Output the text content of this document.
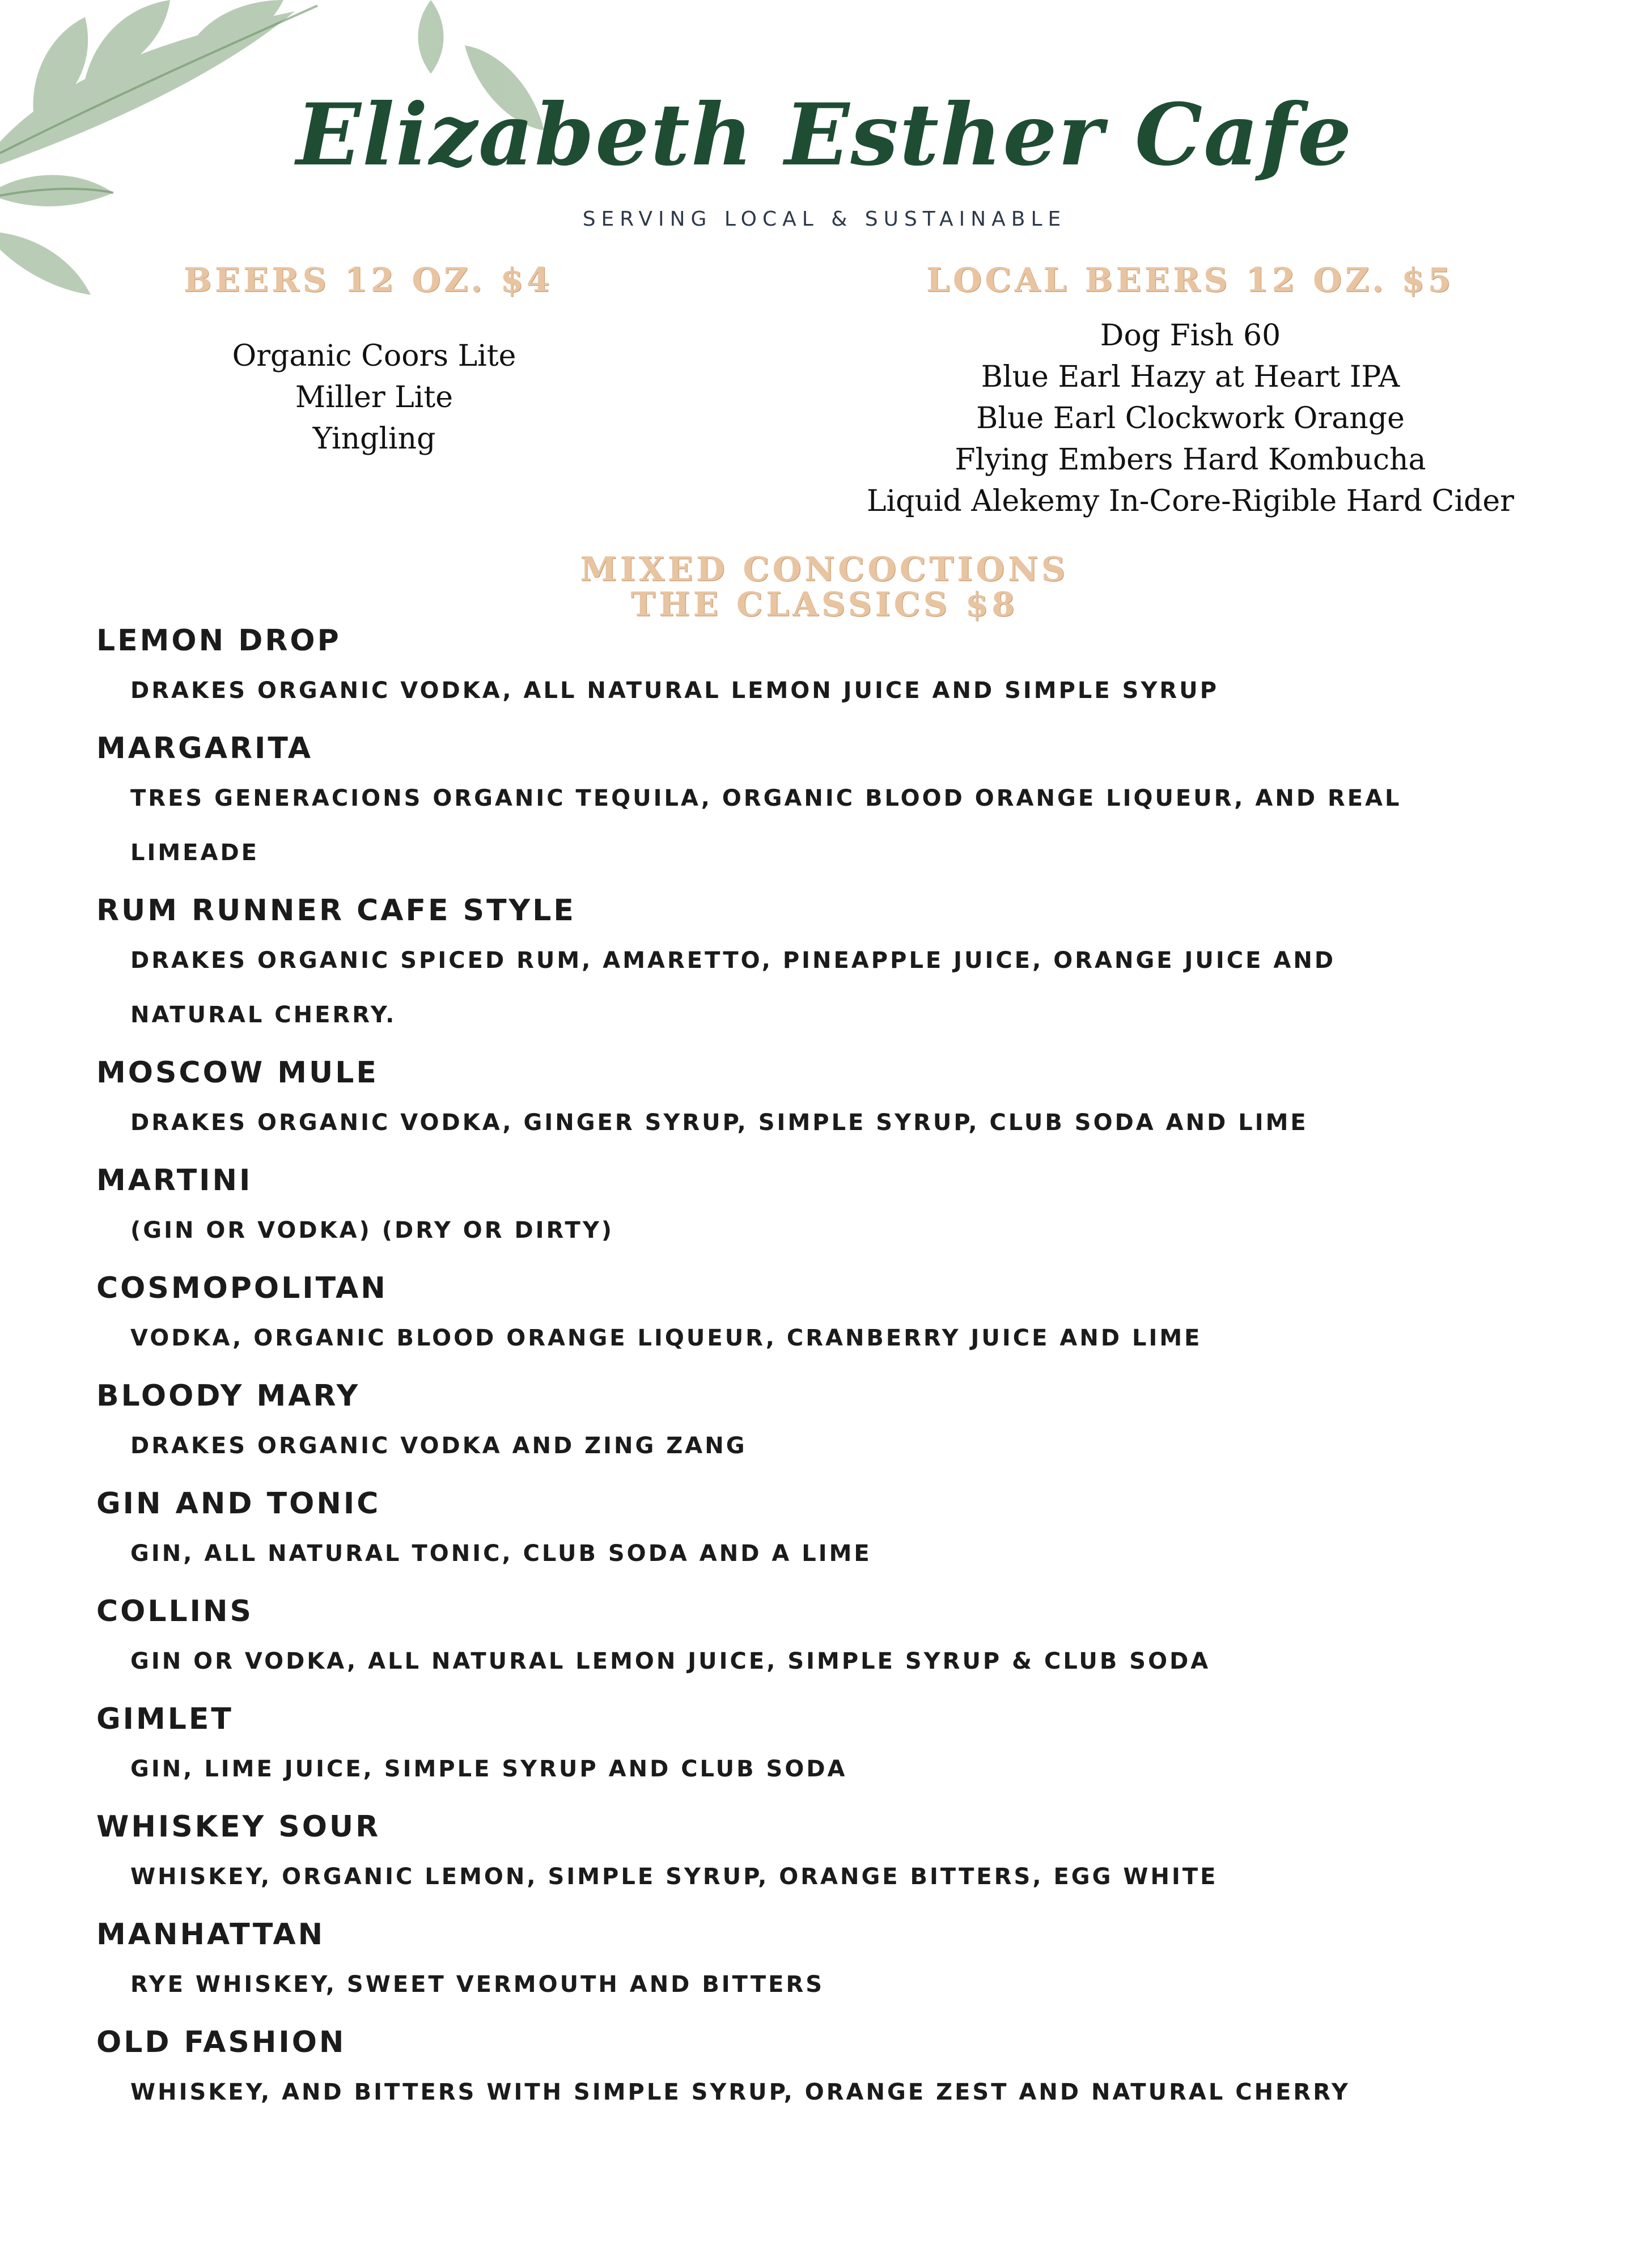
Elizabeth Esther Cafe
SERVING LOCAL & SUSTAINABLE
BEERS 12 OZ. $4
Organic Coors Lite
Miller Lite
Yingling
LOCAL BEERS 12 OZ. $5
Dog Fish 60
Blue Earl Hazy at Heart IPA
Blue Earl Clockwork Orange
Flying Embers Hard Kombucha
Liquid Alekemy In-Core-Rigible Hard Cider
MIXED CONCOCTIONS
THE CLASSICS $8

LEMON DROP

DRAKES ORGANIC VODKA, ALL NATURAL LEMON JUICE AND SIMPLE SYRUP

MARGARITA

TRES GENERACIONS ORGANIC TEQUILA, ORGANIC BLOOD ORANGE LIQUEUR, AND REAL LIMEADE

RUM RUNNER CAFE STYLE

DRAKES ORGANIC SPICED RUM, AMARETTO, PINEAPPLE JUICE, ORANGE JUICE AND NATURAL CHERRY.

MOSCOW MULE

DRAKES ORGANIC VODKA, GINGER SYRUP, SIMPLE SYRUP, CLUB SODA AND LIME

MARTINI

(GIN OR VODKA) (DRY OR DIRTY)

COSMOPOLITAN

VODKA, ORGANIC BLOOD ORANGE LIQUEUR, CRANBERRY JUICE AND LIME

BLOODY MARY

DRAKES ORGANIC VODKA AND ZING ZANG

GIN AND TONIC

GIN, ALL NATURAL TONIC, CLUB SODA AND A LIME

COLLINS

GIN OR VODKA, ALL NATURAL LEMON JUICE, SIMPLE SYRUP & CLUB SODA

GIMLET

GIN, LIME JUICE, SIMPLE SYRUP AND CLUB SODA

WHISKEY SOUR

WHISKEY, ORGANIC LEMON, SIMPLE SYRUP, ORANGE BITTERS, EGG WHITE

MANHATTAN

RYE WHISKEY, SWEET VERMOUTH AND BITTERS

OLD FASHION

WHISKEY, AND BITTERS WITH SIMPLE SYRUP, ORANGE ZEST AND NATURAL CHERRY
